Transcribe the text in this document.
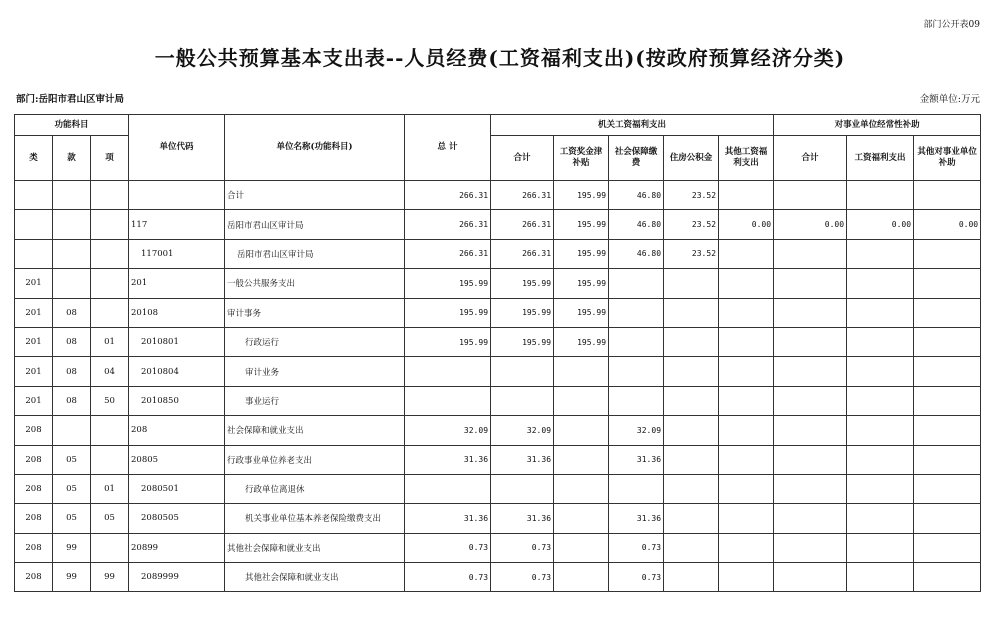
部门公开表09
一般公共预算基本支出表--人员经费(工资福利支出)(按政府预算经济分类)
部门:岳阳市君山区审计局	金额单位:万元
功能科目			单位代码	单位名称(功能科目)	总 计	机关工资福利支出					对事业单位经常性补助		
类	款	项											
						合计	工资奖金津补贴	社会保障缴费	住房公积金	其他工资福利支出	合计	工资福利支出	其他对事业单位补助
				合计	266.31	266.31	195.99	46.80	23.52				
			117	岳阳市君山区审计局	266.31	266.31	195.99	46.80	23.52	0.00	0.00	0.00	0.00
			117001	岳阳市君山区审计局	266.31	266.31	195.99	46.80	23.52				
201			201	一般公共服务支出	195.99	195.99	195.99						
201	08		20108	审计事务	195.99	195.99	195.99						
201	08	01	2010801	行政运行	195.99	195.99	195.99						
201	08	04	2010804	审计业务									
201	08	50	2010850	事业运行									
208			208	社会保障和就业支出	32.09	32.09		32.09					
208	05		20805	行政事业单位养老支出	31.36	31.36		31.36					
208	05	01	2080501	行政单位离退休									
208	05	05	2080505	机关事业单位基本养老保险缴费支出	31.36	31.36		31.36					
208	99		20899	其他社会保障和就业支出	0.73	0.73		0.73					
208	99	99	2089999	其他社会保障和就业支出	0.73	0.73		0.73					
